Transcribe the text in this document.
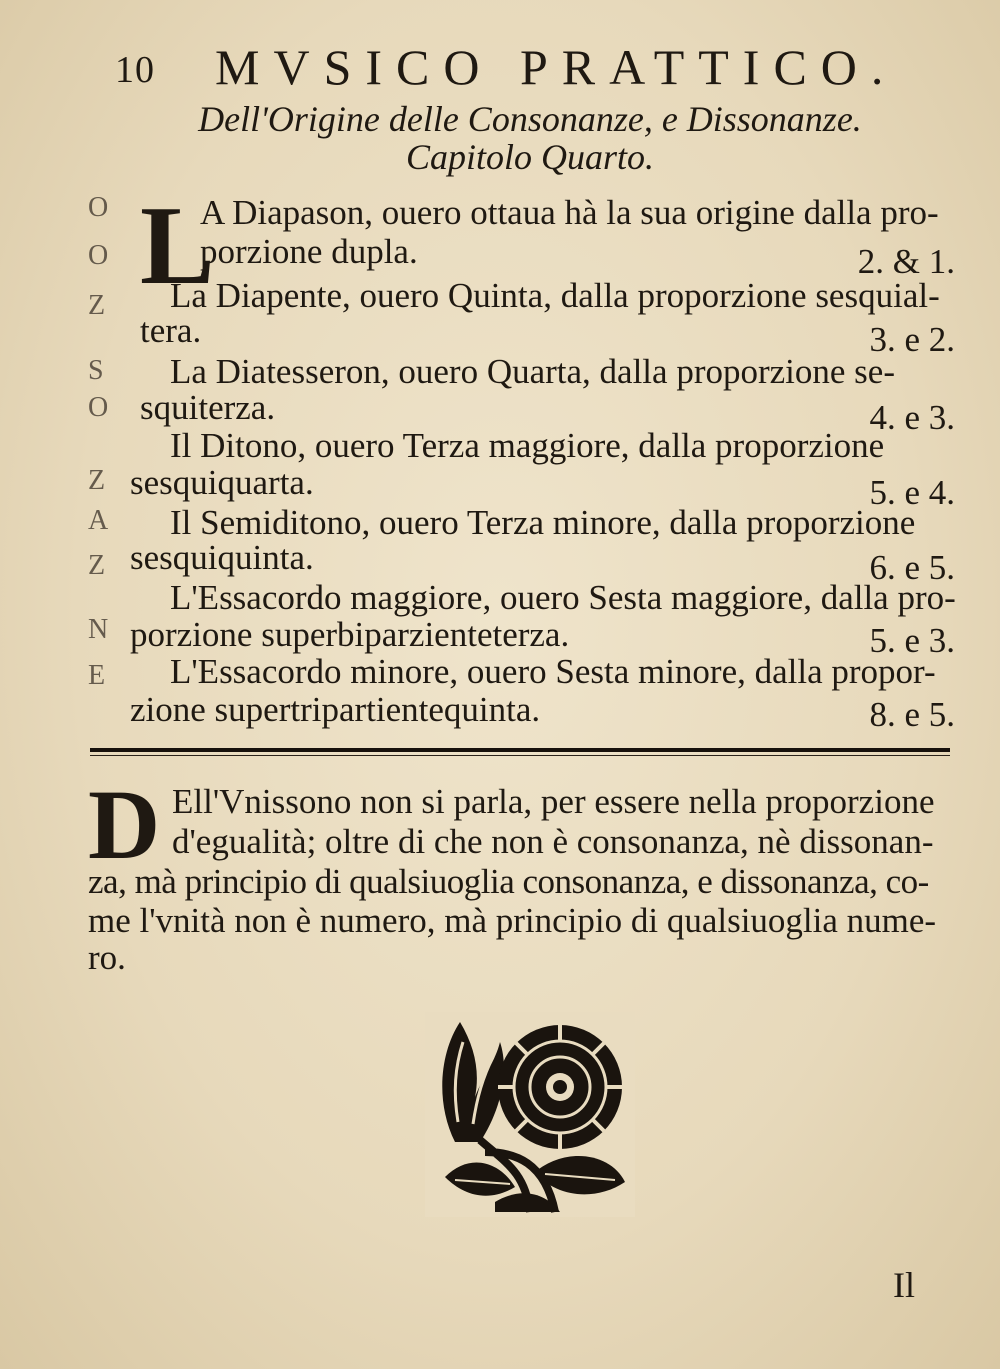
10 MVSICO PRATTICO.
Dell'Origine delle Consonanze, e Dissonanze.
Capitolo Quarto.
O
O
Z
S
O
Z
A
Z
N
E
L
A Diapason, ouero ottaua hà la sua origine dalla pro-
porzione dupla.	2. & 1.
La Diapente, ouero Quinta, dalla proporzione sesquial-
tera.	3. e 2.
La Diatesseron, ouero Quarta, dalla proporzione se-
squiterza.	4. e 3.
Il Ditono, ouero Terza maggiore, dalla proporzione
sesquiquarta.	5. e 4.
Il Semiditono, ouero Terza minore, dalla proporzione
sesquiquinta.	6. e 5.
L'Essacordo maggiore, ouero Sesta maggiore, dalla pro-
porzione superbiparzienteterza.	5. e 3.
L'Essacordo minore, ouero Sesta minore, dalla propor-
zione supertripartientequinta.	8. e 5.
D Ell'Vnissono non si parla, per essere nella proporzione
d'egualità; oltre di che non è consonanza, nè dissonan-
za, mà principio di qualsiuoglia consonanza, e dissonanza, co-
me l'vnità non è numero, mà principio di qualsiuoglia nume-
ro.
Il
